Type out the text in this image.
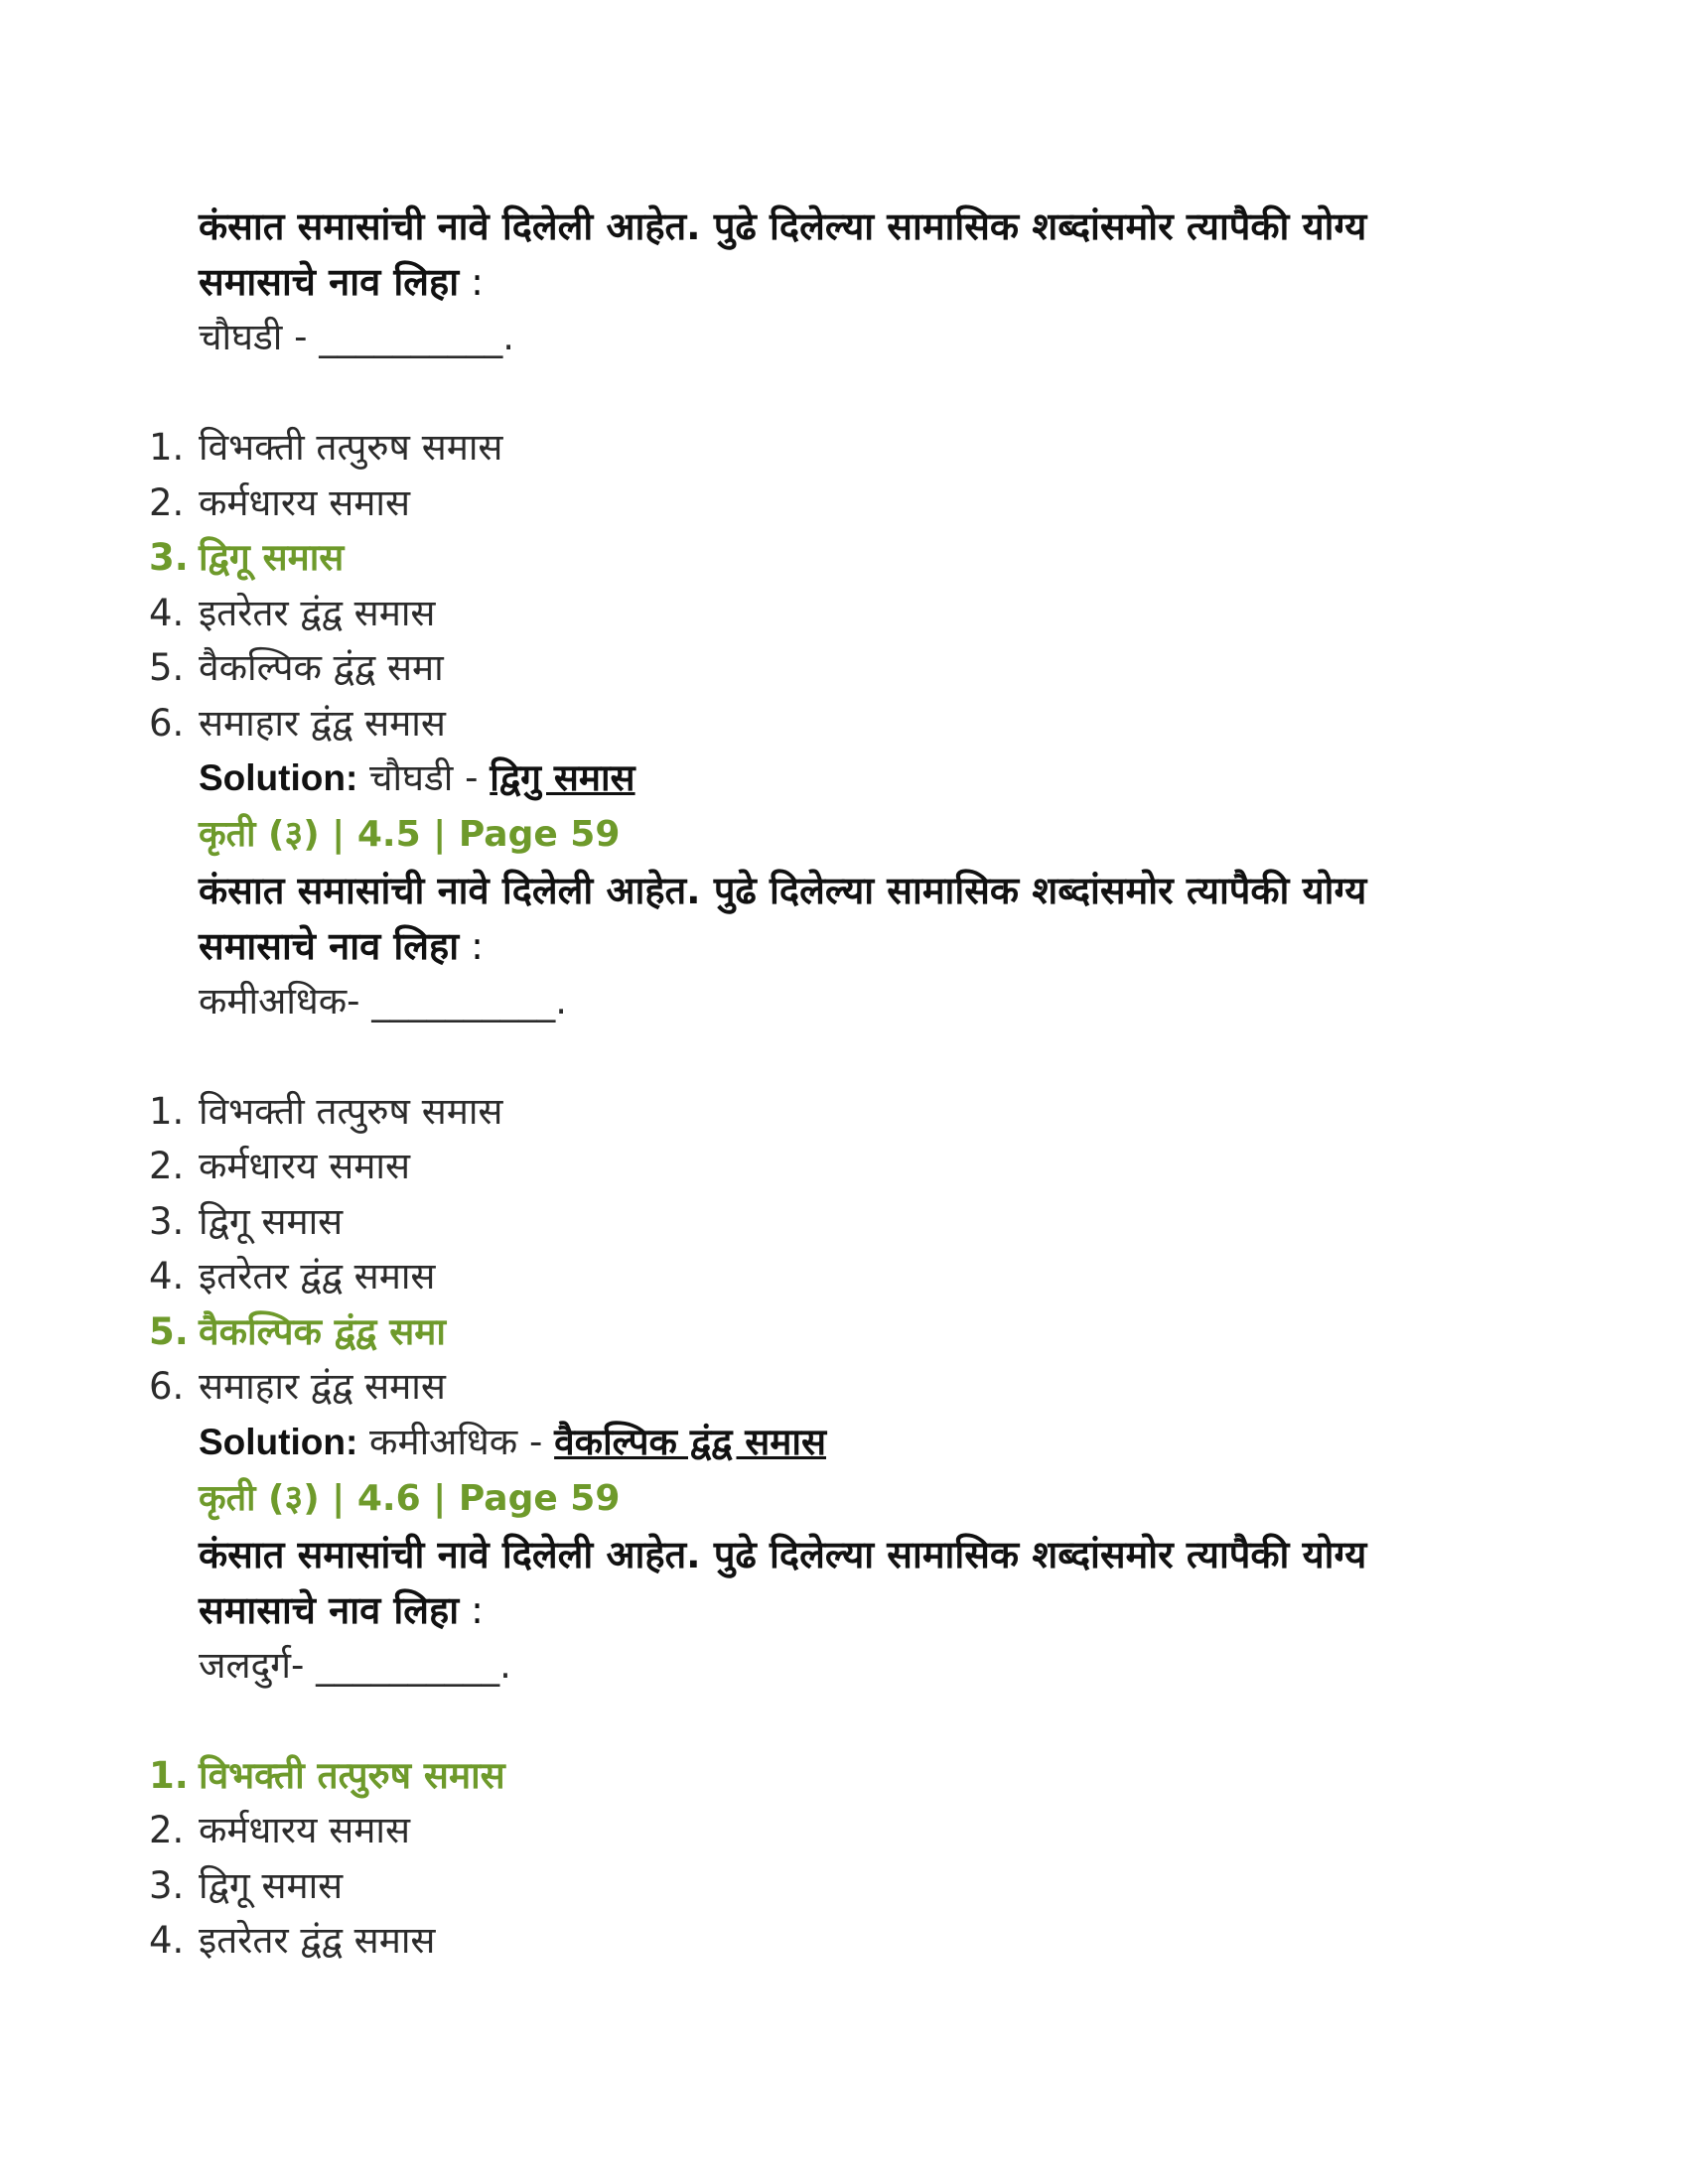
कंसात समासांची नावे दिलेली आहेत. पुढे दिलेल्या सामासिक शब्दांसमोर त्यापैकी योग्य समासाचे नाव लिहा :

चौघडी - __________.
1. विभक्ती तत्पुरुष समास
2. कर्मधारय समास
3. द्विगू समास
4. इतरेतर द्वंद्व समास
5. वैकल्पिक द्वंद्व समा
6. समाहार द्वंद्व समास
Solution: चौघडी - द्विगु समास
कृती (३) | 4.5 | Page 59

कंसात समासांची नावे दिलेली आहेत. पुढे दिलेल्या सामासिक शब्दांसमोर त्यापैकी योग्य समासाचे नाव लिहा :

कमीअधिक- __________.
1. विभक्ती तत्पुरुष समास
2. कर्मधारय समास
3. द्विगू समास
4. इतरेतर द्वंद्व समास
5. वैकल्पिक द्वंद्व समा
6. समाहार द्वंद्व समास
Solution: कमीअधिक - वैकल्पिक द्वंद्व समास
कृती (३) | 4.6 | Page 59

कंसात समासांची नावे दिलेली आहेत. पुढे दिलेल्या सामासिक शब्दांसमोर त्यापैकी योग्य समासाचे नाव लिहा :

जलदुर्ग- __________.
1. विभक्ती तत्पुरुष समास
2. कर्मधारय समास
3. द्विगू समास
4. इतरेतर द्वंद्व समास
